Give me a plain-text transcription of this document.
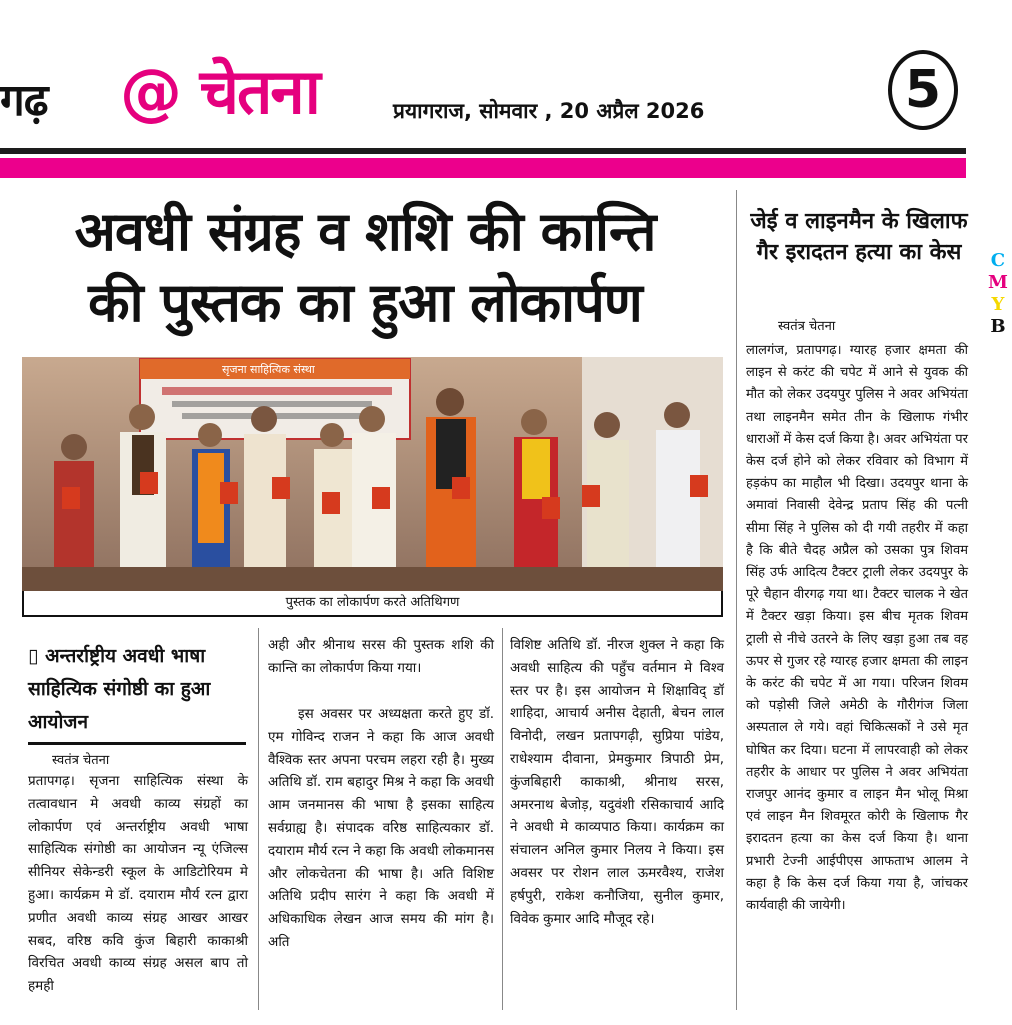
गढ़ @ चेतना	प्रयागराज, सोमवार , 20 अप्रैल 2026	5
C
M
Y
B
अवधी संग्रह व शशि की कान्ति
की पुस्तक का हुआ लोकार्पण
सृजना साहित्यिक संस्था
पुस्तक का लोकार्पण करते अतिथिगण
▯ अन्तर्राष्ट्रीय अवधी भाषा साहित्यिक संगोष्ठी का हुआ आयोजन
स्वतंत्र चेतना
प्रतापगढ़। सृजना साहित्यिक संस्था के तत्वावधान मे अवधी काव्य संग्रहों का लोकार्पण एवं अन्तर्राष्ट्रीय अवधी भाषा साहित्यिक संगोष्ठी का आयोजन न्यू एंजिल्स सीनियर सेकेन्डरी स्कूल के आडिटोरियम मे हुआ। कार्यक्रम मे डॉ. दयाराम मौर्य रत्न द्वारा प्रणीत अवधी काव्य संग्रह आखर आखर सबद, वरिष्ठ कवि कुंज बिहारी काकाश्री विरचित अवधी काव्य संग्रह असल बाप तो हमही
अही और श्रीनाथ सरस की पुस्तक शशि की कान्ति का लोकार्पण किया गया।
इस अवसर पर अध्यक्षता करते हुए डॉ. एम गोविन्द राजन ने कहा कि आज अवधी वैश्विक स्तर अपना परचम लहरा रही है। मुख्य अतिथि डॉ. राम बहादुर मिश्र ने कहा कि अवधी आम जनमानस की भाषा है इसका साहित्य सर्वग्राह्य है। संपादक वरिष्ठ साहित्यकार डॉ. दयाराम मौर्य रत्न ने कहा कि अवधी लोकमानस और लोकचेतना की भाषा है। अति विशिष्ट अतिथि प्रदीप सारंग ने कहा कि अवधी में अधिकाधिक लेखन आज समय की मांग है। अति
विशिष्ट अतिथि डॉ. नीरज शुक्ल ने कहा कि अवधी साहित्य की पहुँच वर्तमान मे विश्व स्तर पर है। इस आयोजन मे शिक्षाविद् डॉ शाहिदा, आचार्य अनीस देहाती, बेचन लाल विनोदी, लखन प्रतापगढ़ी, सुप्रिया पांडेय, राधेश्याम दीवाना, प्रेमकुमार त्रिपाठी प्रेम, कुंजबिहारी काकाश्री, श्रीनाथ सरस, अमरनाथ बेजोड़, यदुवंशी रसिकाचार्य आदि ने अवधी मे काव्यपाठ किया। कार्यक्रम का संचालन अनिल कुमार निलय ने किया। इस अवसर पर रोशन लाल ऊमरवैश्य, राजेश हर्षपुरी, राकेश कनौजिया, सुनील कुमार, विवेक कुमार आदि मौजूद रहे।
जेई व लाइनमैन के खिलाफ गैर इरादतन हत्या का केस
स्वतंत्र चेतना
लालगंज, प्रतापगढ़। ग्यारह हजार क्षमता की लाइन से करंट की चपेट में आने से युवक की मौत को लेकर उदयपुर पुलिस ने अवर अभियंता तथा लाइनमैन समेत तीन के खिलाफ गंभीर धाराओं में केस दर्ज किया है। अवर अभियंता पर केस दर्ज होने को लेकर रविवार को विभाग में हड़कंप का माहौल भी दिखा। उदयपुर थाना के अमावां निवासी देवेन्द्र प्रताप सिंह की पत्नी सीमा सिंह ने पुलिस को दी गयी तहरीर में कहा है कि बीते चैदह अप्रैल को उसका पुत्र शिवम सिंह उर्फ आदित्य टैक्टर ट्राली लेकर उदयपुर के पूरे चैहान वीरगढ़ गया था। टैक्टर चालक ने खेत में टैक्टर खड़ा किया। इस बीच मृतक शिवम ट्राली से नीचे उतरने के लिए खड़ा हुआ तब वह ऊपर से गुजर रहे ग्यारह हजार क्षमता की लाइन के करंट की चपेट में आ गया। परिजन शिवम को पड़ोसी जिले अमेठी के गौरीगंज जिला अस्पताल ले गये। वहां चिकित्सकों ने उसे मृत घोषित कर दिया। घटना में लापरवाही को लेकर तहरीर के आधार पर पुलिस ने अवर अभियंता राजपुर आनंद कुमार व लाइन मैन भोलू मिश्रा एवं लाइन मैन शिवमूरत कोरी के खिलाफ गैर इरादतन हत्या का केस दर्ज किया है। थाना प्रभारी टेज्नी आईपीएस आफताभ आलम ने कहा है कि केस दर्ज किया गया है, जांचकर कार्यवाही की जायेगी।
